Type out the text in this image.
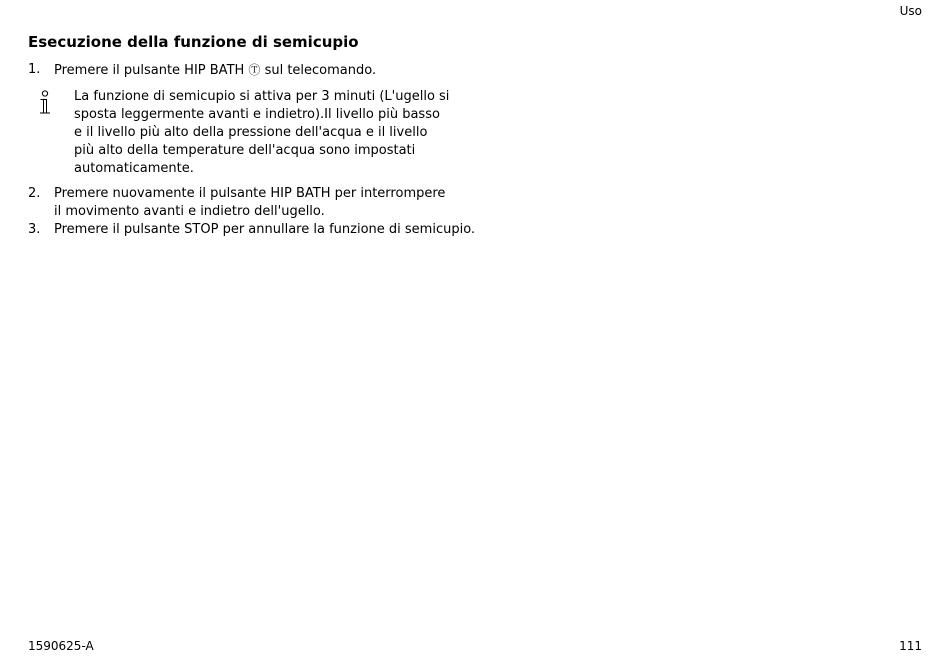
Uso
Esecuzione della funzione di semicupio
1.	Premere il pulsante HIP BATH Ⓣ sul telecomando.
La funzione di semicupio si attiva per 3 minuti (L'ugello si
sposta leggermente avanti e indietro).Il livello più basso
e il livello più alto della pressione dell'acqua e il livello
più alto della temperature dell'acqua sono impostati
automaticamente.
2.	Premere nuovamente il pulsante HIP BATH per interrompere
il movimento avanti e indietro dell'ugello.
3.	Premere il pulsante STOP per annullare la funzione di semicupio.
1590625-A	111
